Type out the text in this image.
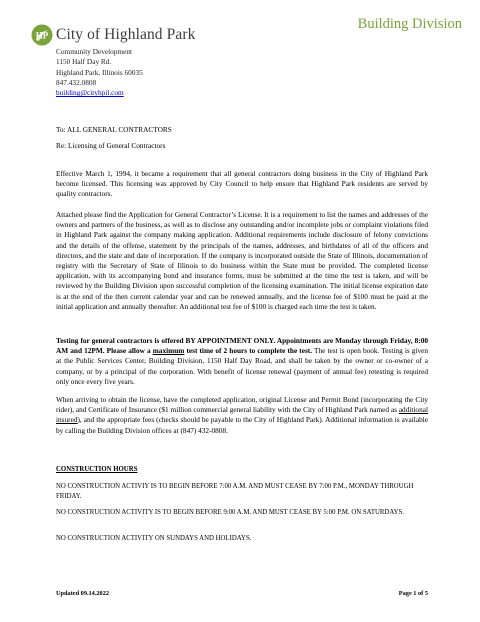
HP City of Highland Park
Building Division
Community Development
1150 Half Day Rd.
Highland Park, Illinois 60035
847.432.0808
building@cityhpil.com
To: ALL GENERAL CONTRACTORS
Re: Licensing of General Contractors
Effective March 1, 1994, it became a requirement that all general contractors doing business in the City of Highland Park become licensed. This licensing was approved by City Council to help ensure that Highland Park residents are served by quality contractors.
Attached please find the Application for General Contractor’s License. It is a requirement to list the names and addresses of the owners and partners of the business, as well as to disclose any outstanding and/or incomplete jobs or complaint violations filed in Highland Park against the company making application. Additional requirements include disclosure of felony convictions and the details of the offense, statement by the principals of the names, addresses, and birthdates of all of the officers and directors, and the state and date of incorporation. If the company is incorporated outside the State of Illinois, documentation of registry with the Secretary of State of Illinois to do business within the State must be provided. The completed license application, with its accompanying bond and insurance forms, must be submitted at the time the test is taken, and will be reviewed by the Building Division upon successful completion of the licensing examination. The initial license expiration date is at the end of the then current calendar year and can be renewed annually, and the license fee of $100 must be paid at the initial application and annually thereafter. An additional test fee of $100 is charged each time the test is taken.
Testing for general contractors is offered BY APPOINTMENT ONLY. Appointments are Monday through Friday, 8:00 AM and 12PM. Please allow a maximum test time of 2 hours to complete the test. The test is open book. Testing is given at the Public Services Center, Building Division, 1150 Half Day Road, and shall be taken by the owner or co-owner of a company, or by a principal of the corporation. With benefit of license renewal (payment of annual fee) retesting is required only once every five years.
When arriving to obtain the license, have the completed application, original License and Permit Bond (incorporating the City rider), and Certificate of Insurance ($1 million commercial general liability with the City of Highland Park named as additional insured), and the appropriate fees (checks should be payable to the City of Highland Park). Additional information is available by calling the Building Division offices at (847) 432-0808.
CONSTRUCTION HOURS
NO CONSTRUCTION ACTIVIY IS TO BEGIN BEFORE 7:00 A.M. AND MUST CEASE BY 7:00 P.M., MONDAY THROUGH FRIDAY.
NO CONSTRUCTION ACTIVITY IS TO BEGIN BEFORE 9:00 A.M. AND MUST CEASE BY 5:00 P.M. ON SATURDAYS.
NO CONSTRUCTION ACTIVITY ON SUNDAYS AND HOLIDAYS.
Updated 09.14.2022	Page 1 of 5
